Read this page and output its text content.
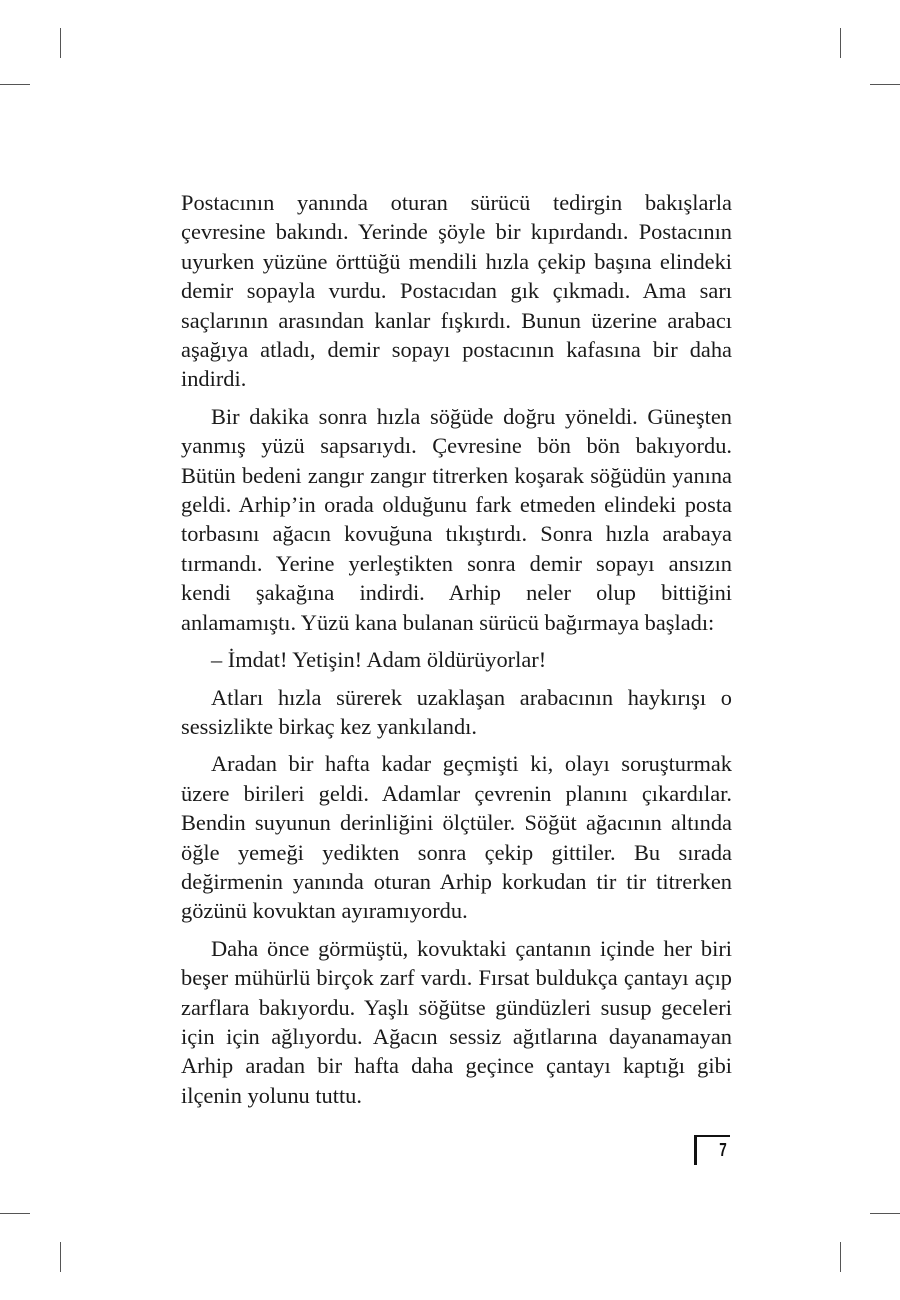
Postacının yanında oturan sürücü tedirgin bakışlarla çevresine bakındı. Yerinde şöyle bir kıpırdandı. Postacının uyurken yüzüne örttüğü mendili hızla çekip başına elindeki demir sopayla vurdu. Postacıdan gık çıkmadı. Ama sarı saçlarının arasından kanlar fışkırdı. Bunun üzerine arabacı aşağıya atladı, demir sopayı postacının kafasına bir daha indirdi.

Bir dakika sonra hızla söğüde doğru yöneldi. Güneşten yanmış yüzü sapsarıydı. Çevresine bön bön bakıyordu. Bütün bedeni zangır zangır titrerken koşarak söğüdün yanına geldi. Arhip’in orada olduğunu fark etmeden elindeki posta torbasını ağacın kovuğuna tıkıştırdı. Sonra hızla arabaya tırmandı. Yerine yerleştikten sonra demir sopayı ansızın kendi şakağına indirdi. Arhip neler olup bittiğini anlamamıştı. Yüzü kana bulanan sürücü bağırmaya başladı:

– İmdat! Yetişin! Adam öldürüyorlar!

Atları hızla sürerek uzaklaşan arabacının haykırışı o sessizlikte birkaç kez yankılandı.

Aradan bir hafta kadar geçmişti ki, olayı soruşturmak üzere birileri geldi. Adamlar çevrenin planını çıkardılar. Bendin suyunun derinliğini ölçtüler. Söğüt ağacının altında öğle yemeği yedikten sonra çekip gittiler. Bu sırada değirmenin yanında oturan Arhip korkudan tir tir titrerken gözünü kovuktan ayıramıyordu.

Daha önce görmüştü, kovuktaki çantanın içinde her biri beşer mühürlü birçok zarf vardı. Fırsat buldukça çantayı açıp zarflara bakıyordu. Yaşlı söğütse gündüzleri susup geceleri için için ağlıyordu. Ağacın sessiz ağıtlarına dayanamayan Arhip aradan bir hafta daha geçince çantayı kaptığı gibi ilçenin yolunu tuttu.

7
